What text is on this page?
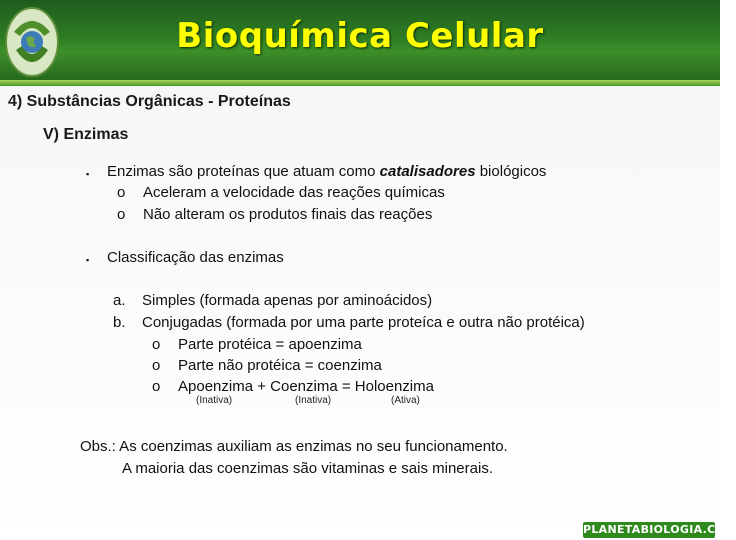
Bioquímica Celular
4) Substâncias Orgânicas - Proteínas
V) Enzimas
▪ Enzimas são proteínas que atuam como catalisadores biológicos
o Aceleram a velocidade das reações químicas
o Não alteram os produtos finais das reações
▪ Classificação das enzimas
a. Simples (formada apenas por aminoácidos)
b. Conjugadas (formada por uma parte proteíca e outra não protéica)
o Parte protéica = apoenzima
o Parte não protéica = coenzima
o Apoenzima + Coenzima = Holoenzima
(Inativa)	(Inativa)	(Ativa)
Obs.: As coenzimas auxiliam as enzimas no seu funcionamento.
A maioria das coenzimas são vitaminas e sais minerais.
PLANETABIOLOGIA.COM
